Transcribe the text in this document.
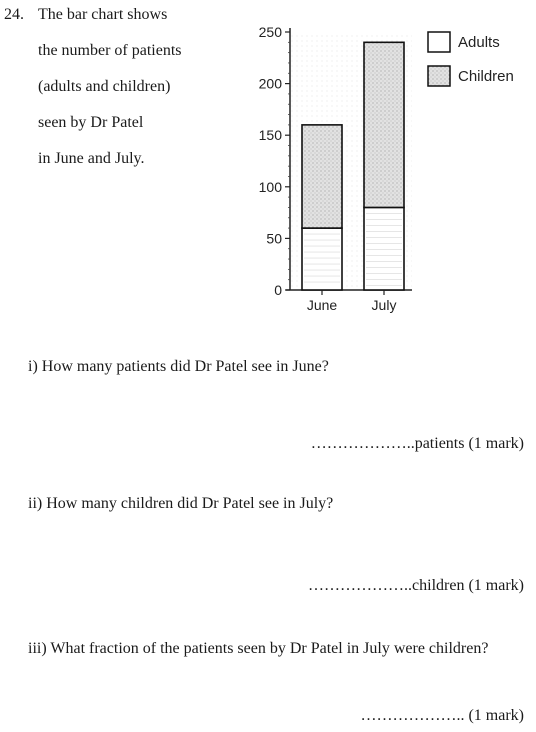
24. The bar chart shows
the number of patients
(adults and children)
seen by Dr Patel
in June and July.
0
50
100
150
200
250
June July
Adults
Children
i) How many patients did Dr Patel see in June?
………………..patients (1 mark)
ii) How many children did Dr Patel see in July?
………………..children (1 mark)
iii) What fraction of the patients seen by Dr Patel in July were children?
……………….. (1 mark)
